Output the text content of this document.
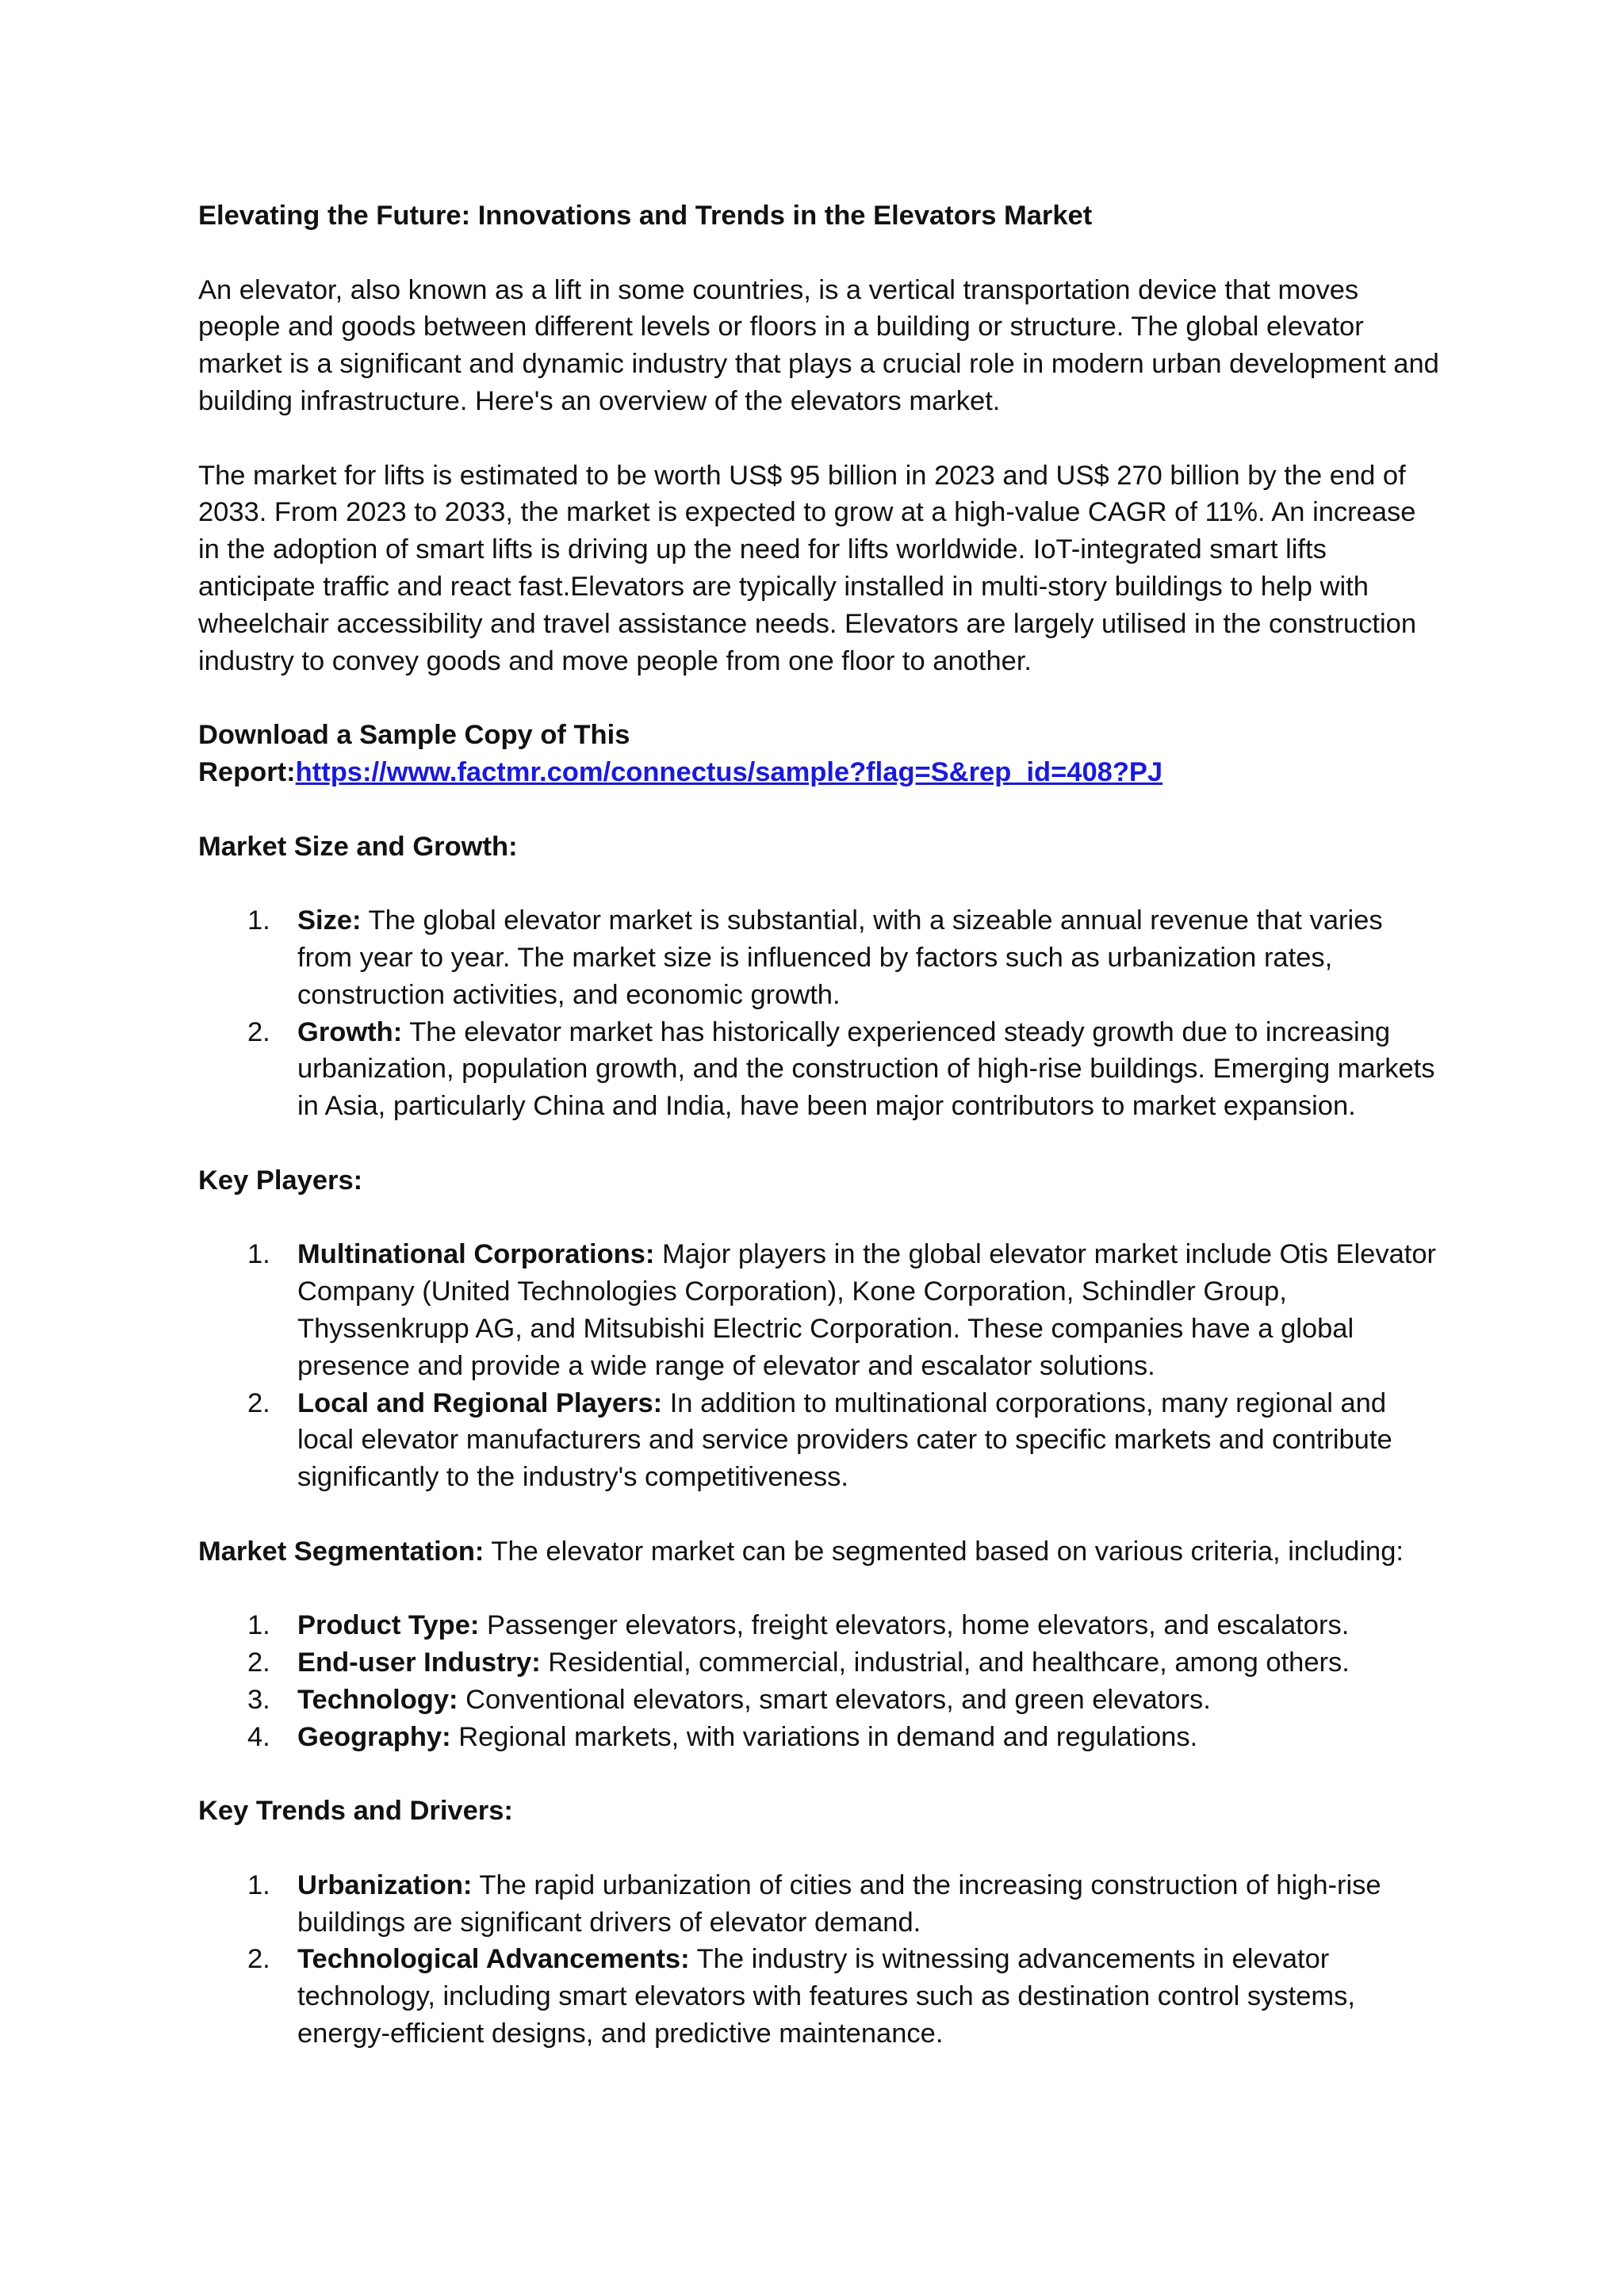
Elevating the Future: Innovations and Trends in the Elevators Market

An elevator, also known as a lift in some countries, is a vertical transportation device that moves people and goods between different levels or floors in a building or structure. The global elevator market is a significant and dynamic industry that plays a crucial role in modern urban development and building infrastructure. Here's an overview of the elevators market.

The market for lifts is estimated to be worth US$ 95 billion in 2023 and US$ 270 billion by the end of 2033. From 2023 to 2033, the market is expected to grow at a high-value CAGR of 11%. An increase in the adoption of smart lifts is driving up the need for lifts worldwide. IoT-integrated smart lifts anticipate traffic and react fast.Elevators are typically installed in multi-story buildings to help with wheelchair accessibility and travel assistance needs. Elevators are largely utilised in the construction industry to convey goods and move people from one floor to another.

Download a Sample Copy of This
Report:https://www.factmr.com/connectus/sample?flag=S&rep_id=408?PJ

Market Size and Growth:

1. Size: The global elevator market is substantial, with a sizeable annual revenue that varies from year to year. The market size is influenced by factors such as urbanization rates, construction activities, and economic growth.
2. Growth: The elevator market has historically experienced steady growth due to increasing urbanization, population growth, and the construction of high-rise buildings. Emerging markets in Asia, particularly China and India, have been major contributors to market expansion.

Key Players:

1. Multinational Corporations: Major players in the global elevator market include Otis Elevator Company (United Technologies Corporation), Kone Corporation, Schindler Group, Thyssenkrupp AG, and Mitsubishi Electric Corporation. These companies have a global presence and provide a wide range of elevator and escalator solutions.
2. Local and Regional Players: In addition to multinational corporations, many regional and local elevator manufacturers and service providers cater to specific markets and contribute significantly to the industry's competitiveness.

Market Segmentation: The elevator market can be segmented based on various criteria, including:

1. Product Type: Passenger elevators, freight elevators, home elevators, and escalators.
2. End-user Industry: Residential, commercial, industrial, and healthcare, among others.
3. Technology: Conventional elevators, smart elevators, and green elevators.
4. Geography: Regional markets, with variations in demand and regulations.

Key Trends and Drivers:

1. Urbanization: The rapid urbanization of cities and the increasing construction of high-rise buildings are significant drivers of elevator demand.
2. Technological Advancements: The industry is witnessing advancements in elevator technology, including smart elevators with features such as destination control systems, energy-efficient designs, and predictive maintenance.
